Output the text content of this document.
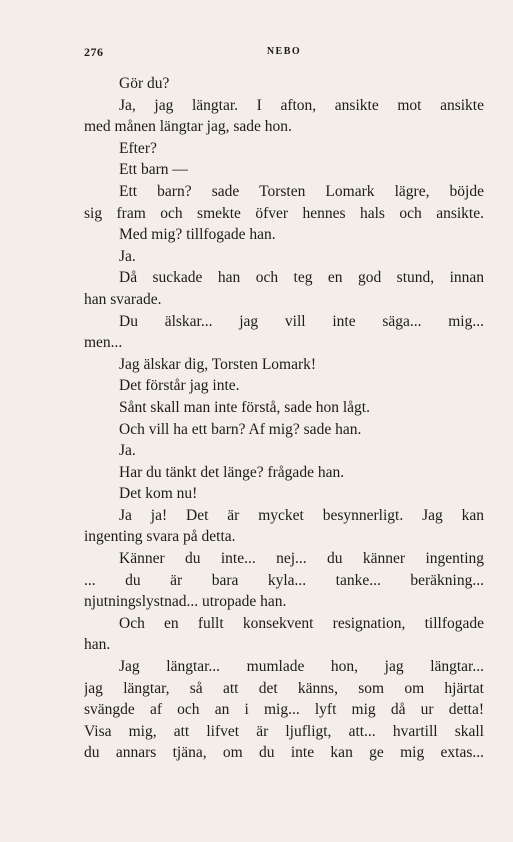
276	NEBO
Gör du?
Ja, jag längtar. I afton, ansikte mot ansikte
med månen längtar jag, sade hon.
Efter?
Ett barn —
Ett barn? sade Torsten Lomark lägre, böjde
sig fram och smekte öfver hennes hals och ansikte.
Med mig? tillfogade han.
Ja.
Då suckade han och teg en god stund, innan
han svarade.
Du älskar... jag vill inte säga... mig...
men...
Jag älskar dig, Torsten Lomark!
Det förstår jag inte.
Sånt skall man inte förstå, sade hon lågt.
Och vill ha ett barn? Af mig? sade han.
Ja.
Har du tänkt det länge? frågade han.
Det kom nu!
Ja ja! Det är mycket besynnerligt. Jag kan
ingenting svara på detta.
Känner du inte... nej... du känner ingenting
... du är bara kyla... tanke... beräkning...
njutningslystnad... utropade han.
Och en fullt konsekvent resignation, tillfogade
han.
Jag längtar... mumlade hon, jag längtar...
jag längtar, så att det känns, som om hjärtat
svängde af och an i mig... lyft mig då ur detta!
Visa mig, att lifvet är ljufligt, att... hvartill skall
du annars tjäna, om du inte kan ge mig extas...
